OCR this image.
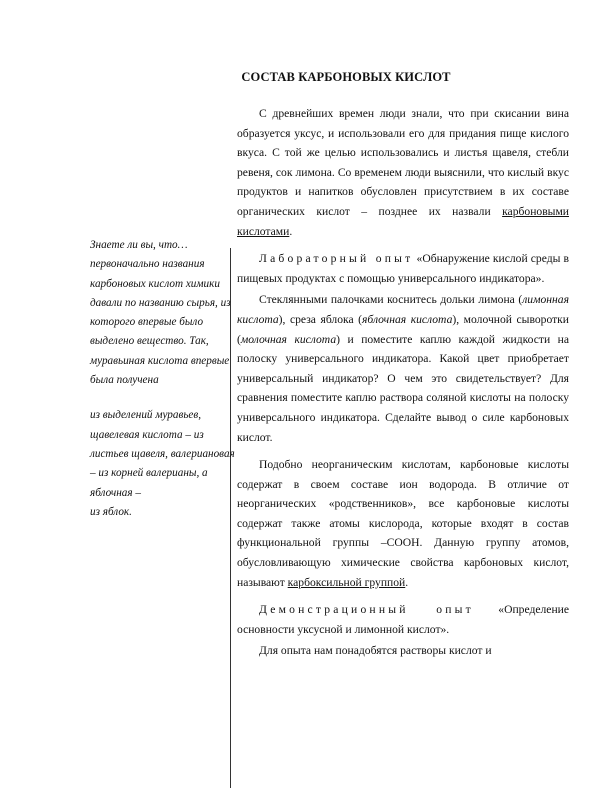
СОСТАВ КАРБОНОВЫХ КИСЛОТ

Знаете ли вы, что… первоначально названия карбоновых кислот химики давали по названию сырья, из которого впервые было выделено вещество. Так, муравьиная кислота впервые была получена

из выделений муравьев, щавелевая кислота – из листьев щавеля, валериановая – из корней валерианы, а яблочная –

из яблок.

С древнейших времен люди знали, что при скисании вина образуется уксус, и использовали его для придания пище кислого вкуса. С той же целью использовались и листья щавеля, стебли ревеня, сок лимона. Со временем люди выяснили, что кислый вкус продуктов и напитков обусловлен присутствием в их составе органических кислот – позднее их назвали карбоновыми кислотами.

Лабораторный опыт «Обнаружение кислой среды в пищевых продуктах с помощью универсального индикатора».

Стеклянными палочками коснитесь дольки лимона (лимонная кислота), среза яблока (яблочная кислота), молочной сыворотки (молочная кислота) и поместите каплю каждой жидкости на полоску универсального индикатора. Какой цвет приобретает универсальный индикатор? О чем это свидетельствует? Для сравнения поместите каплю раствора соляной кислоты на полоску универсального индикатора. Сделайте вывод о силе карбоновых кислот.

Подобно неорганическим кислотам, карбоновые кислоты содержат в своем составе ион водорода. В отличие от неорганических «родственников», все карбоновые кислоты содержат также атомы кислорода, которые входят в состав функциональной группы –СООН. Данную группу атомов, обусловливающую химические свойства карбоновых кислот, называют карбоксильной группой.

Демонстрационный опыт «Определение основности уксусной и лимонной кислот».

Для опыта нам понадобятся растворы кислот и
